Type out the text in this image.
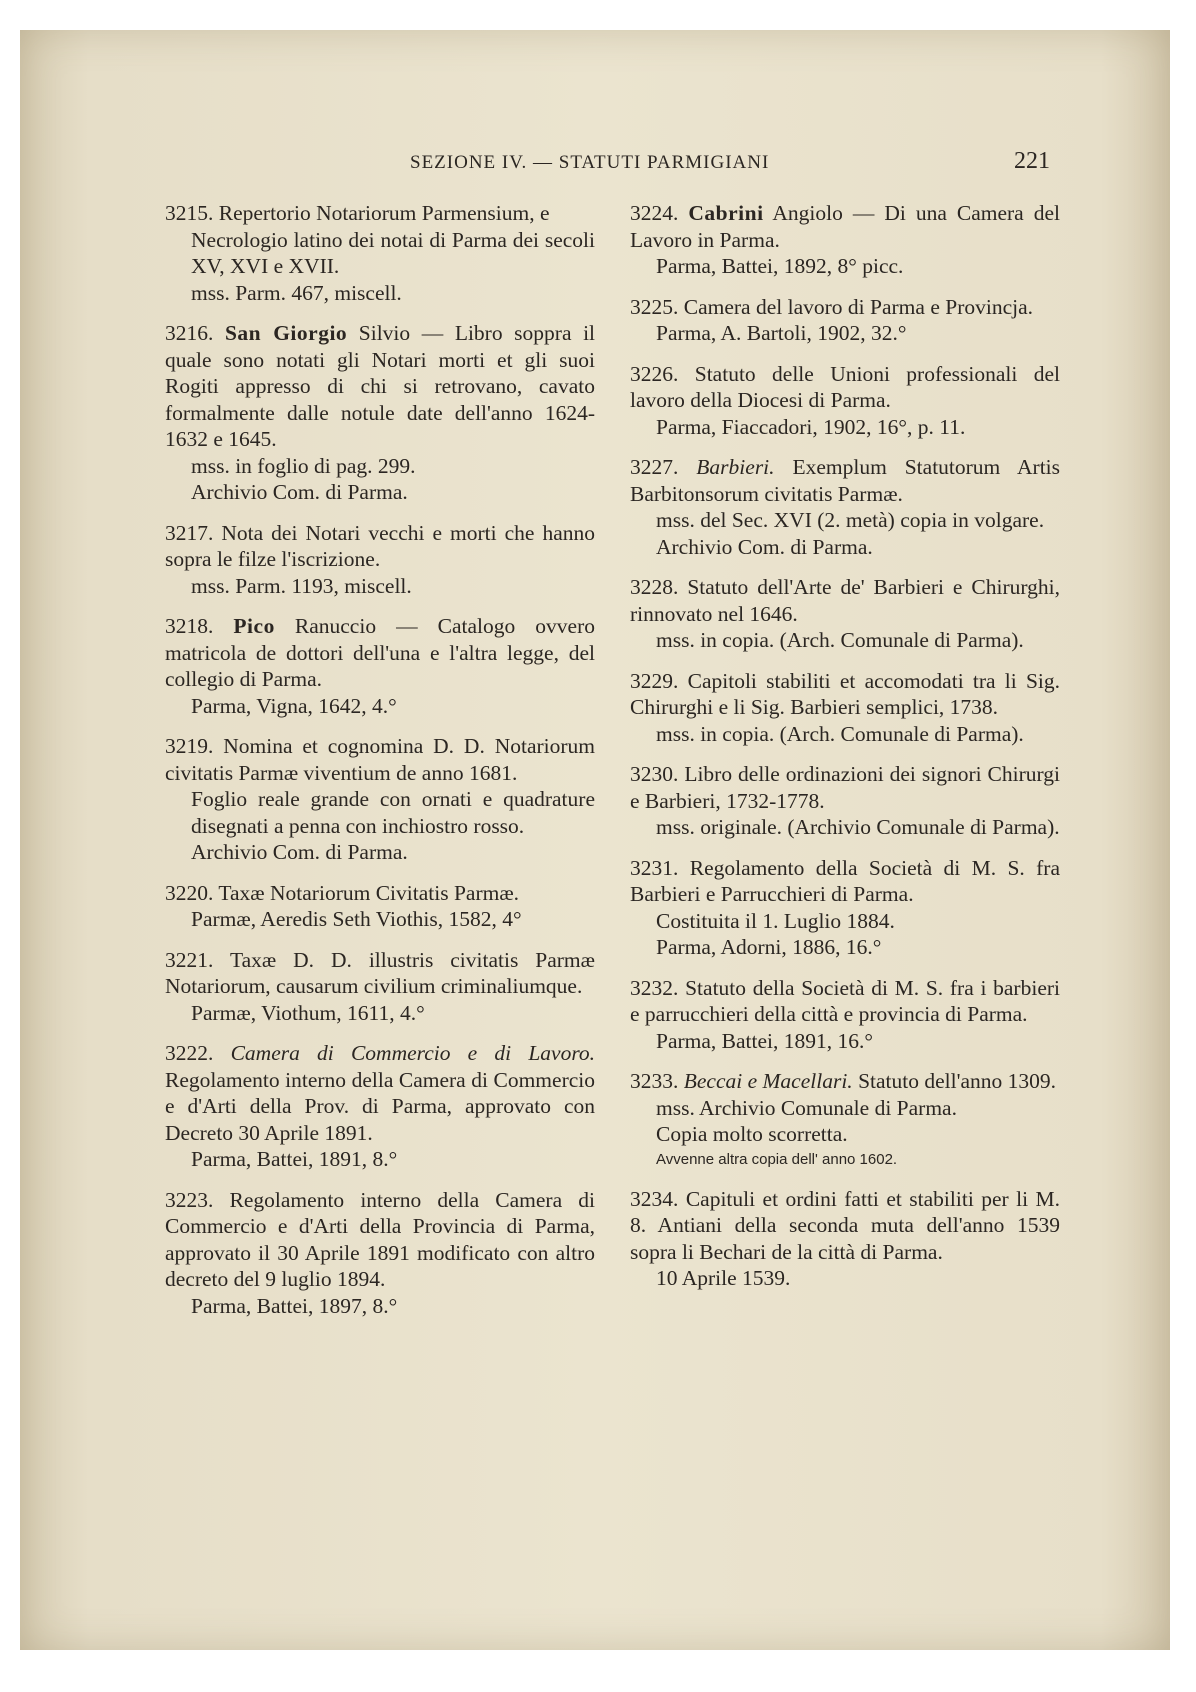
SEZIONE IV. — STATUTI PARMIGIANI	221

3215. Repertorio Notariorum Parmensium, e

Necrologio latino dei notai di Parma dei secoli XV, XVI e XVII.

mss. Parm. 467, miscell.

3216. San Giorgio Silvio — Libro soppra il quale sono notati gli Notari morti et gli suoi Rogiti appresso di chi si retrovano, cavato formalmente dalle notule date dell'anno 1624-1632 e 1645.

mss. in foglio di pag. 299.

Archivio Com. di Parma.

3217. Nota dei Notari vecchi e morti che hanno sopra le filze l'iscrizione.

mss. Parm. 1193, miscell.

3218. Pico Ranuccio — Catalogo ovvero matricola de dottori dell'una e l'altra legge, del collegio di Parma.

Parma, Vigna, 1642, 4.°

3219. Nomina et cognomina D. D. Notariorum civitatis Parmæ viventium de anno 1681.

Foglio reale grande con ornati e quadrature disegnati a penna con inchiostro rosso.

Archivio Com. di Parma.

3220. Taxæ Notariorum Civitatis Parmæ.

Parmæ, Aeredis Seth Viothis, 1582, 4°

3221. Taxæ D. D. illustris civitatis Parmæ Notariorum, causarum civilium criminaliumque.

Parmæ, Viothum, 1611, 4.°

3222. Camera di Commercio e di Lavoro. Regolamento interno della Camera di Commercio e d'Arti della Prov. di Parma, approvato con Decreto 30 Aprile 1891.

Parma, Battei, 1891, 8.°

3223. Regolamento interno della Camera di Commercio e d'Arti della Provincia di Parma, approvato il 30 Aprile 1891 modificato con altro decreto del 9 luglio 1894.

Parma, Battei, 1897, 8.°

3224. Cabrini Angiolo — Di una Camera del Lavoro in Parma.

Parma, Battei, 1892, 8° picc.

3225. Camera del lavoro di Parma e Provincja.

Parma, A. Bartoli, 1902, 32.°

3226. Statuto delle Unioni professionali del lavoro della Diocesi di Parma.

Parma, Fiaccadori, 1902, 16°, p. 11.

3227. Barbieri. Exemplum Statutorum Artis Barbitonsorum civitatis Parmæ.

mss. del Sec. XVI (2. metà) copia in volgare.

Archivio Com. di Parma.

3228. Statuto dell'Arte de' Barbieri e Chirurghi, rinnovato nel 1646.

mss. in copia. (Arch. Comunale di Parma).

3229. Capitoli stabiliti et accomodati tra li Sig. Chirurghi e li Sig. Barbieri semplici, 1738.

mss. in copia. (Arch. Comunale di Parma).

3230. Libro delle ordinazioni dei signori Chirurgi e Barbieri, 1732-1778.

mss. originale. (Archivio Comunale di Parma).

3231. Regolamento della Società di M. S. fra Barbieri e Parrucchieri di Parma.

Costituita il 1. Luglio 1884.

Parma, Adorni, 1886, 16.°

3232. Statuto della Società di M. S. fra i barbieri e parrucchieri della città e provincia di Parma.

Parma, Battei, 1891, 16.°

3233. Beccai e Macellari. Statuto dell'anno 1309.

mss. Archivio Comunale di Parma.

Copia molto scorretta.

Avvenne altra copia dell' anno 1602.

3234. Capituli et ordini fatti et stabiliti per li M. 8. Antiani della seconda muta dell'anno 1539 sopra li Bechari de la città di Parma.

10 Aprile 1539.
